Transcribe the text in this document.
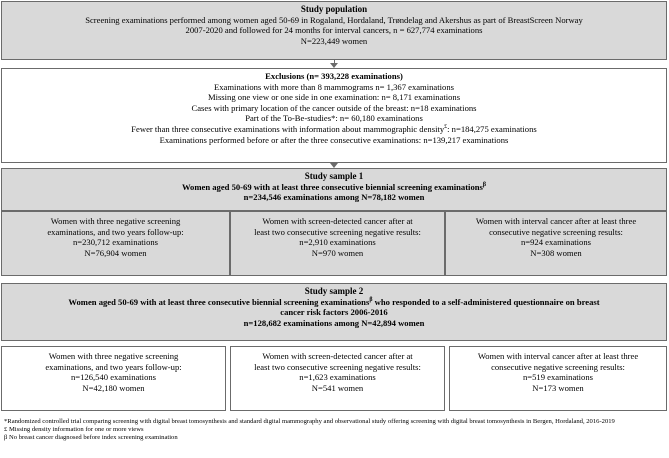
Study population
Screening examinations performed among women aged 50-69 in Rogaland, Hordaland, Trøndelag and Akershus as part of BreastScreen Norway
2007-2020 and followed for 24 months for interval cancers, n = 627,774 examinations
N=223,449 women
Exclusions (n= 393,228 examinations)
Examinations with more than 8 mammograms n= 1,367 examinations
Missing one view or one side in one examination: n= 8,171 examinations
Cases with primary location of the cancer outside of the breast: n=18 examinations
Part of the To-Be-studies*: n= 60,180 examinations
Fewer than three consecutive examinations with information about mammographic density£: n=184,275 examinations
Examinations performed before or after the three consecutive examinations: n=139,217 examinations
Study sample 1
Women aged 50-69 with at least three consecutive biennial screening examinations$^\beta$
n=234,546 examinations among N=78,182 women
Women with three negative screening
examinations, and two years follow-up:
n=230,712 examinations
N=76,904 women
Women with screen-detected cancer after at
least two consecutive screening negative results:
n=2,910 examinations
N=970 women
Women with interval cancer after at least three
consecutive negative screening results:
n=924 examinations
N=308 women
Study sample 2
Women aged 50-69 with at least three consecutive biennial screening examinations$^\beta$ who responded to a self-administered questionnaire on breast
cancer risk factors 2006-2016
n=128,682 examinations among N=42,894 women
Women with three negative screening
examinations, and two years follow-up:
n=126,540 examinations
N=42,180 women
Women with screen-detected cancer after at
least two consecutive screening negative results:
n=1,623 examinations
N=541 women
Women with interval cancer after at least three
consecutive negative screening results:
n=519 examinations
N=173 women
*Randomized controlled trial comparing screening with digital breast tomosynthesis and standard digital mammography and observational study offering screening with digital breast tomosynthesis in Bergen, Hordaland, 2016-2019
£ Missing density information for one or more views
β No breast cancer diagnosed before index screening examination
